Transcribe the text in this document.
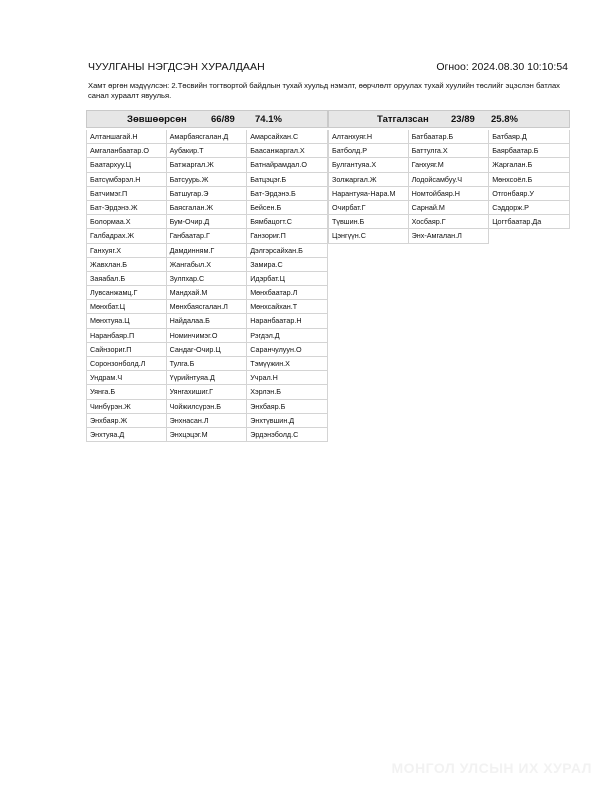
ЧУУЛГАНЫ НЭГДСЭН ХУРАЛДААН	Огноо: 2024.08.30 10:10:54
Хамт өргөн мэдүүлсэн: 2.Төсвийн тогтвортой байдлын тухай хуульд нэмэлт, өөрчлөлт оруулах тухай хуулийн төслийг эцэслэн батлах санал хураалт явуулья.
Зөвшөөрсөн	66/89 74.1%
Алтаншагай.Н	Амарбаясгалан.Д	Амарсайхан.С
Амгаланбаатар.О	Аубакир.Т	Баасанжаргал.Х
Баатархуу.Ц	Батжаргал.Ж	Батнайрамдал.О
Батсүмбэрэл.Н	Батсуурь.Ж	Батцэцэг.Б
Батчимэг.П	Батшугар.Э	Бат-Эрдэнэ.Б
Бат-Эрдэнэ.Ж	Баясгалан.Ж	Бейсен.Б
Болормаа.Х	Бум-Очир.Д	Бямбацогт.С
Галбадрах.Ж	Ганбаатар.Г	Ганзориг.П
Ганхуяг.Х	Дамдинням.Г	Дэлгэрсайхан.Б
Жавхлан.Б	Жангабыл.Х	Замира.С
Заяабал.Б	Зулпхар.С	Идэрбат.Ц
Лувсанжамц.Г	Мандхай.М	Мөнхбаатар.Л
Мөнхбат.Ц	Мөнхбаясгалан.Л	Мөнхсайхан.Т
Мөнхтуяа.Ц	Найдалаа.Б	Наранбаатар.Н
Наранбаяр.П	Номинчимэг.О	Рэгдэл.Д
Сайнзориг.П	Сандаг-Очир.Ц	Саранчулуун.О
Соронзонболд.Л	Тулга.Б	Тэмүүжин.Х
Ундрам.Ч	Үүрийнтуяа.Д	Учрал.Н
Уянга.Б	Уянгахишиг.Г	Хэрлэн.Б
Чинбүрэн.Ж	Чойжилсүрэн.Б	Энхбаяр.Б
Энхбаяр.Ж	Энхнасан.Л	Энхтүвшин.Д
Энхтуяа.Д	Энхцэцэг.М	Эрдэнэболд.С
Татгалзсан 23/89 25.8%
Алтанхуяг.Н	Батбаатар.Б	Батбаяр.Д
Батболд.Р	Баттулга.Х	Баярбаатар.Б
Булгантуяа.Х	Ганхуяг.М	Жаргалан.Б
Золжаргал.Ж	Лодойсамбуу.Ч	Мөнхсоёл.Б
Нарантуяа-Нара.М	Номтойбаяр.Н	Отгонбаяр.У
Очирбат.Г	Сарнай.М	Сэддорж.Р
Түвшин.Б	Хосбаяр.Г	Цогтбаатар.Да
Цэнгүүн.С	Энх-Амгалан.Л
МОНГОЛ УЛСЫН ИХ ХУРАЛ
